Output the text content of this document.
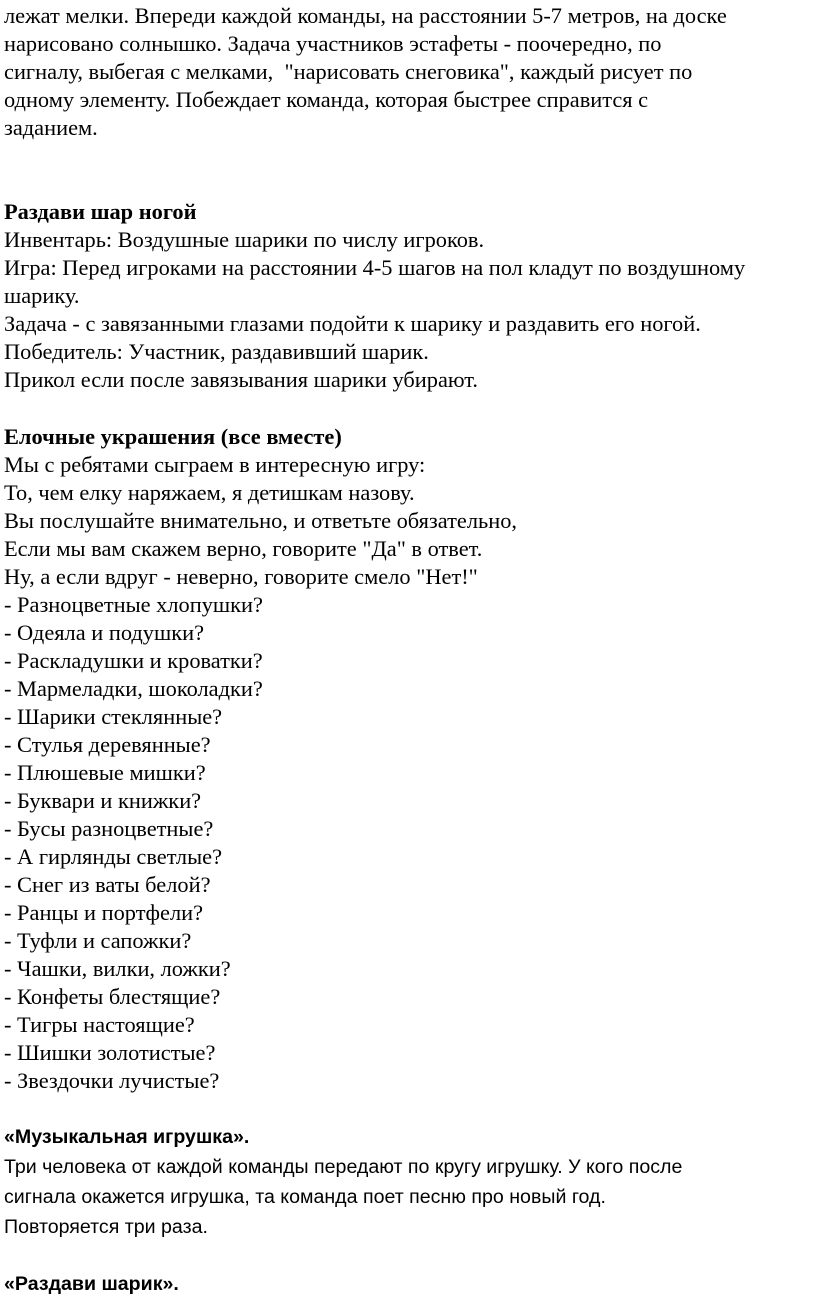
лежат мелки. Впереди каждой команды, на расстоянии 5-7 метров, на доске

нарисовано солнышко. Задача участников эстафеты - поочередно, по

сигналу, выбегая с мелками,  "нарисовать снеговика", каждый рисует по

одному элементу. Побеждает команда, которая быстрее справится с

заданием.

Раздави шар ногой

Инвентарь: Воздушные шарики по числу игроков.

Игра: Перед игроками на расстоянии 4-5 шагов на пол кладут по воздушному

шарику.

Задача - с завязанными глазами подойти к шарику и раздавить его ногой.

Победитель: Участник, раздавивший шарик.

Прикол если после завязывания шарики убирают.

Елочные украшения (все вместе)

Мы с ребятами сыграем в интересную игру:

То, чем елку наряжаем, я детишкам назову.

Вы послушайте внимательно, и ответьте обязательно,

Если мы вам скажем верно, говорите "Да" в ответ.

Ну, а если вдруг - неверно, говорите смело "Нет!"

- Разноцветные хлопушки?

- Одеяла и подушки?

- Раскладушки и кроватки?

- Мармеладки, шоколадки?

- Шарики стеклянные?

- Стулья деревянные?

- Плюшевые мишки?

- Буквари и книжки?

- Бусы разноцветные?

- А гирлянды светлые?

- Снег из ваты белой?

- Ранцы и портфели?

- Туфли и сапожки?

- Чашки, вилки, ложки?

- Конфеты блестящие?

- Тигры настоящие?

- Шишки золотистые?

- Звездочки лучистые?

«Музыкальная игрушка».

Три человека от каждой команды передают по кругу игрушку. У кого после

сигнала окажется игрушка, та команда поет песню про новый год.

Повторяется три раза.

«Раздави шарик».
